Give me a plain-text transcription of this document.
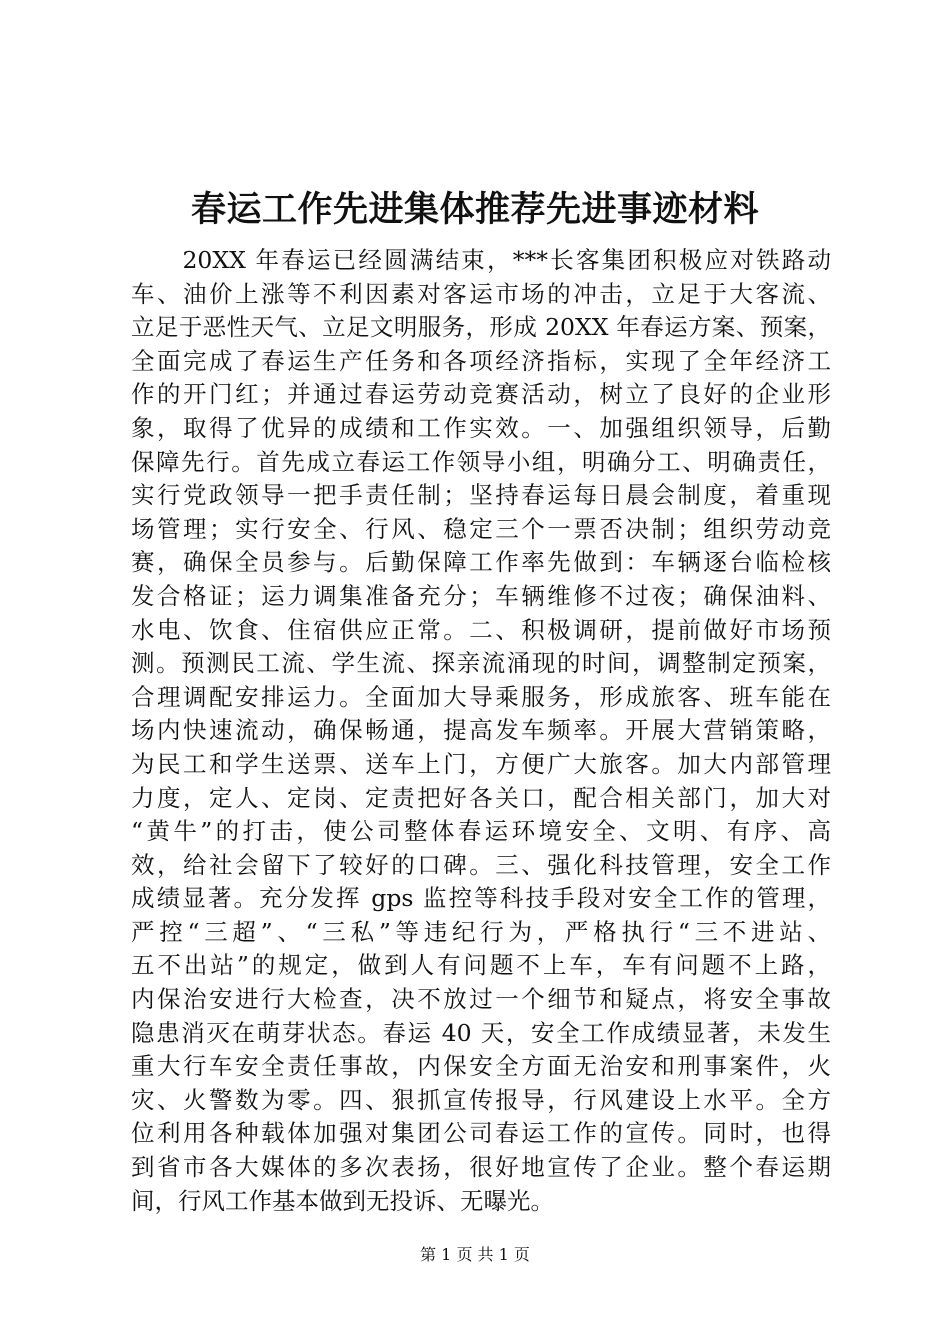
春运工作先进集体推荐先进事迹材料
　　20XX 年春运已经圆满结束，***长客集团积极应对铁路动
车、油价上涨等不利因素对客运市场的冲击，立足于大客流、
立足于恶性天气、立足文明服务，形成 20XX 年春运方案、预案，
全面完成了春运生产任务和各项经济指标，实现了全年经济工
作的开门红；并通过春运劳动竞赛活动，树立了良好的企业形
象，取得了优异的成绩和工作实效。一、加强组织领导，后勤
保障先行。首先成立春运工作领导小组，明确分工、明确责任，
实行党政领导一把手责任制；坚持春运每日晨会制度，着重现
场管理；实行安全、行风、稳定三个一票否决制；组织劳动竞
赛，确保全员参与。后勤保障工作率先做到：车辆逐台临检核
发合格证；运力调集准备充分；车辆维修不过夜；确保油料、
水电、饮食、住宿供应正常。二、积极调研，提前做好市场预
测。预测民工流、学生流、探亲流涌现的时间，调整制定预案，
合理调配安排运力。全面加大导乘服务，形成旅客、班车能在
场内快速流动，确保畅通，提高发车频率。开展大营销策略，
为民工和学生送票、送车上门，方便广大旅客。加大内部管理
力度，定人、定岗、定责把好各关口，配合相关部门，加大对
“黄牛”的打击，使公司整体春运环境安全、文明、有序、高
效，给社会留下了较好的口碑。三、强化科技管理，安全工作
成绩显著。充分发挥 gps 监控等科技手段对安全工作的管理，
严控“三超”、“三私”等违纪行为，严格执行“三不进站、
五不出站”的规定，做到人有问题不上车，车有问题不上路，
内保治安进行大检查，决不放过一个细节和疑点，将安全事故
隐患消灭在萌芽状态。春运 40 天，安全工作成绩显著，未发生
重大行车安全责任事故，内保安全方面无治安和刑事案件，火
灾、火警数为零。四、狠抓宣传报导，行风建设上水平。全方
位利用各种载体加强对集团公司春运工作的宣传。同时，也得
到省市各大媒体的多次表扬，很好地宣传了企业。整个春运期
间，行风工作基本做到无投诉、无曝光。
第 1 页 共 1 页
